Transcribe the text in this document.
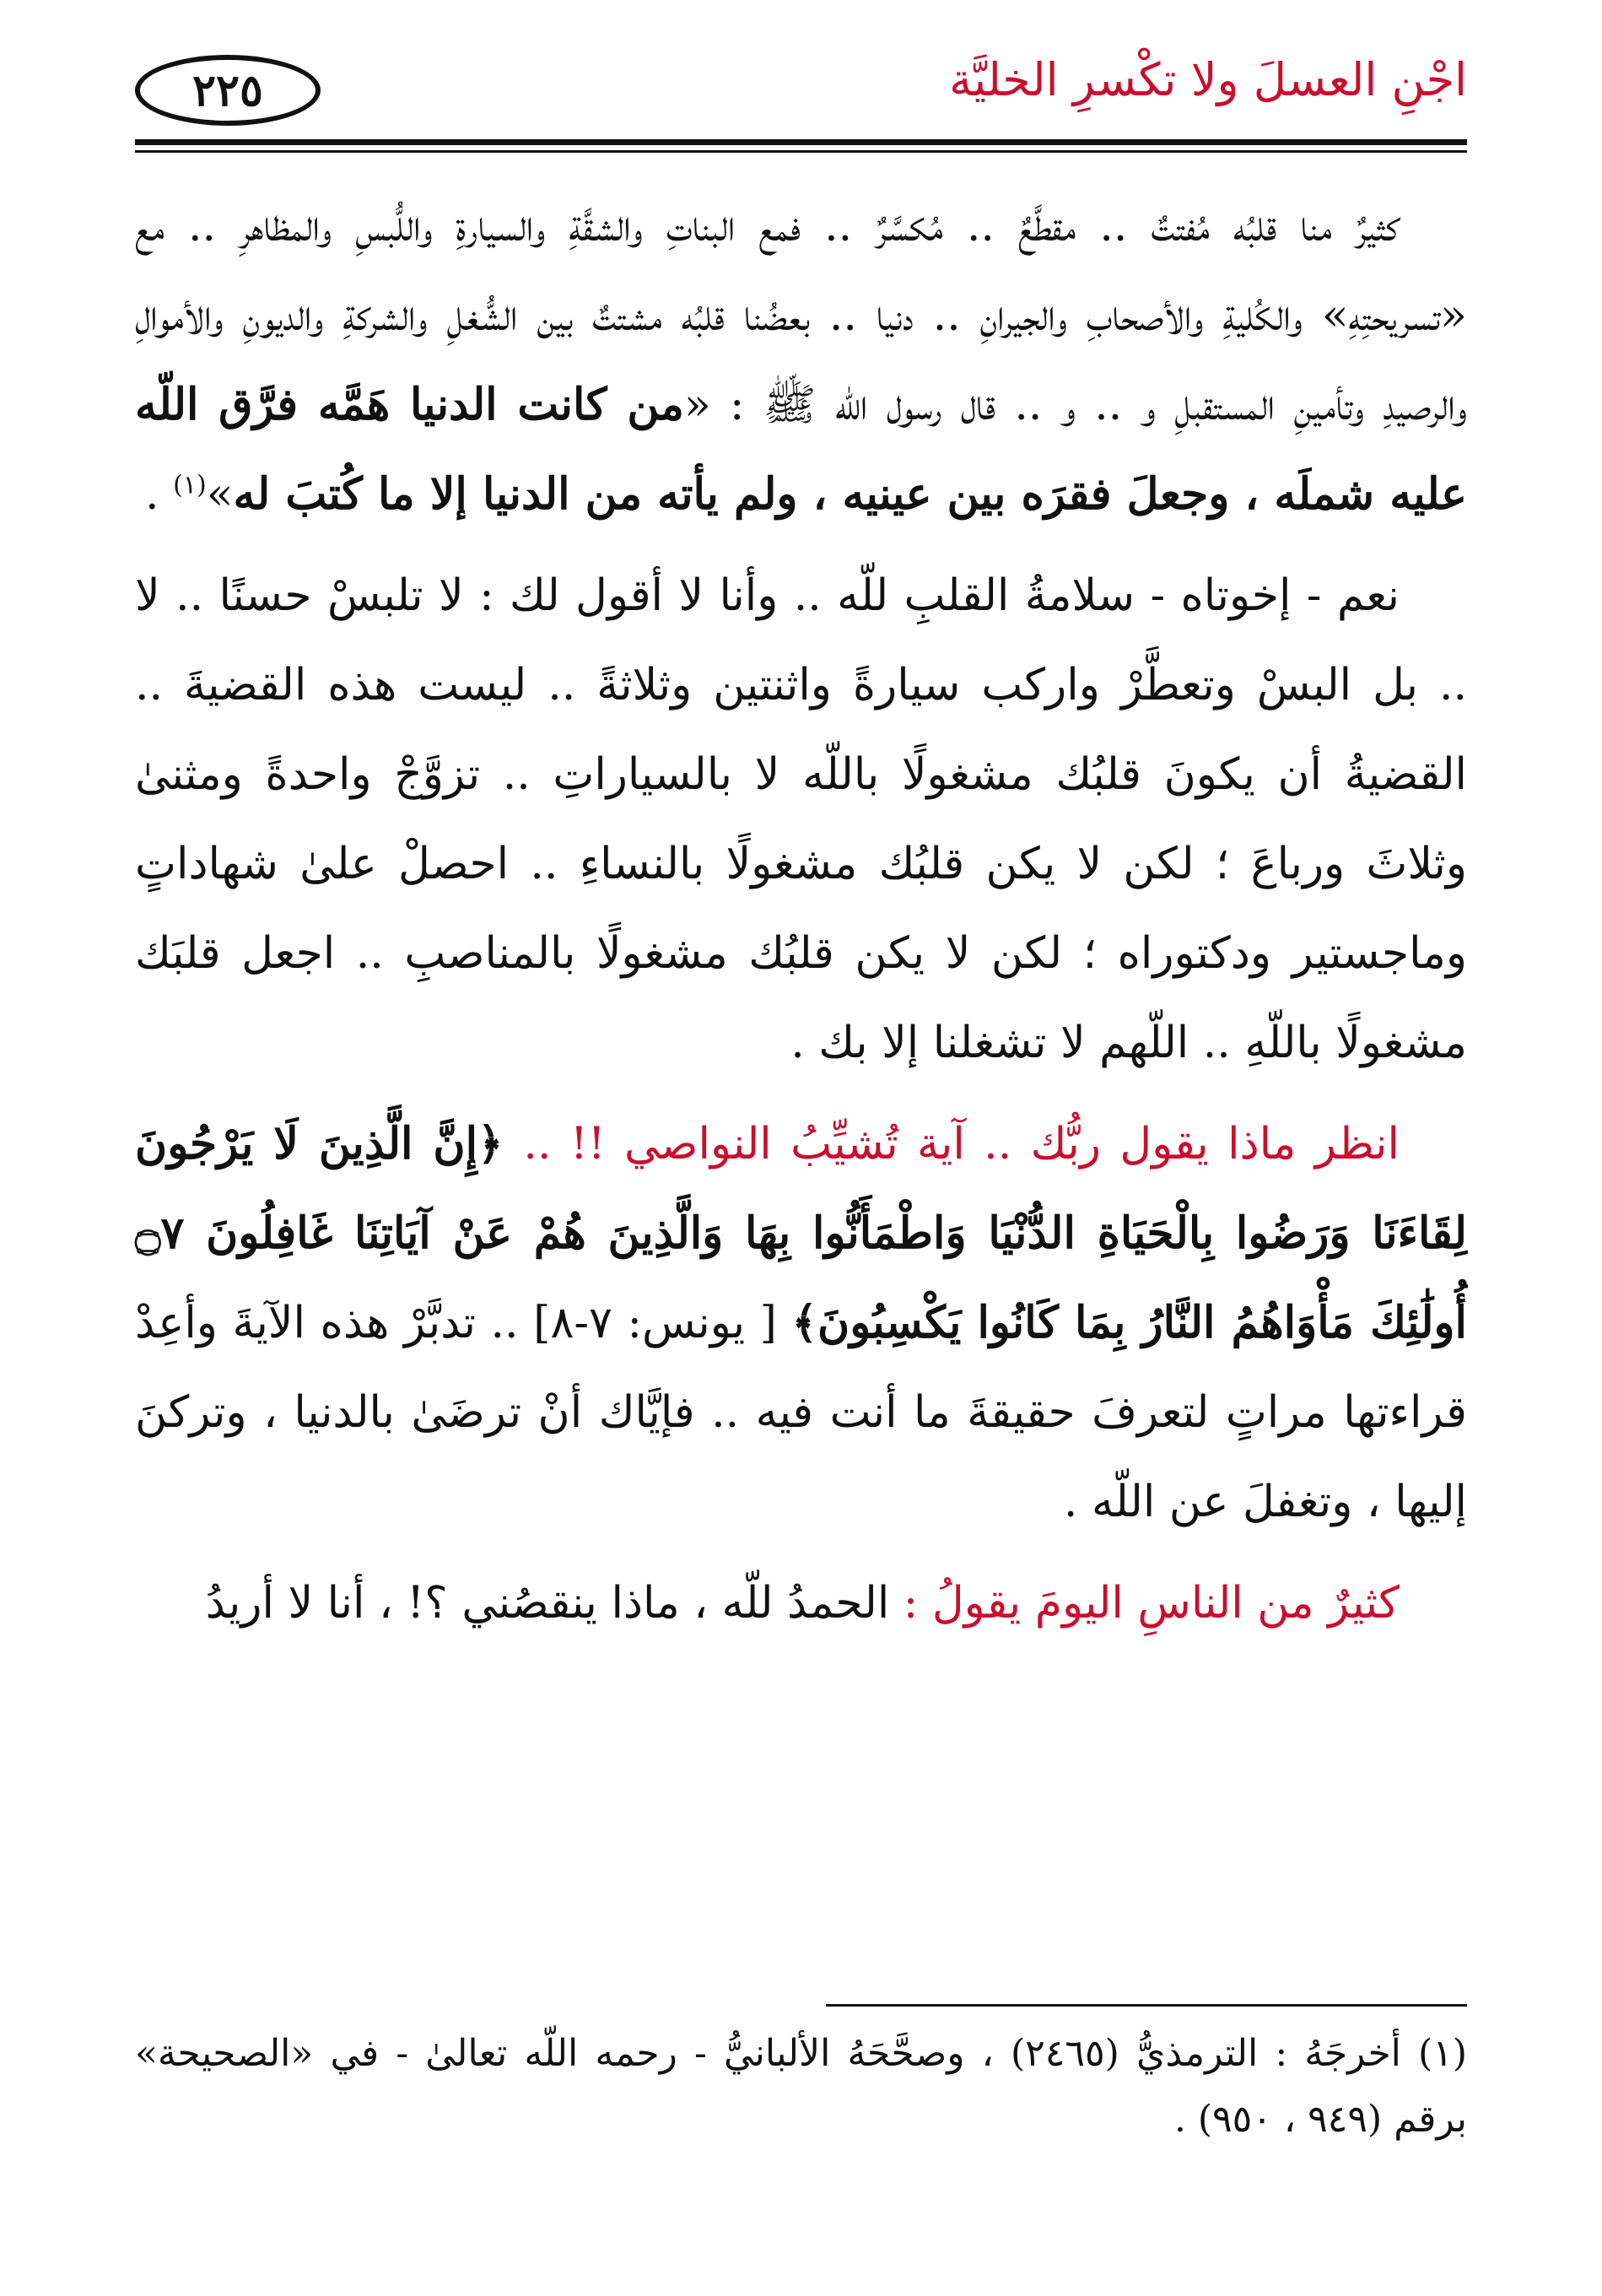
اجْنِ العسلَ ولا تكْسرِ الخليَّة
٢٢٥

كثيرٌ منا قلبُه مُفتتٌ .. مقطَّعٌ .. مُكسَّرٌ .. فمع البناتِ والشقَّةِ والسيارةِ واللُّبسِ والمظاهرِ .. مع «تسريحتِهِ» والكُليةِ والأصحابِ والجيرانِ .. دنيا .. بعضُنا قلبُه مشتتٌ بين الشُّغلِ والشركةِ والديونِ والأموالِ والرصيدِ وتأمينِ المستقبلِ و .. و .. قال رسول اللّه ﷺ : «من كانت الدنيا هَمَّه فرَّق اللّه عليه شملَه ، وجعلَ فقرَه بين عينيه ، ولم يأته من الدنيا إلا ما كُتبَ له»$^{(١)}$ .

نعم - إخوتاه - سلامةُ القلبِ للّه .. وأنا لا أقول لك : لا تلبسْ حسنًا .. لا .. بل البسْ وتعطَّرْ واركب سيارةً واثنتين وثلاثةً .. ليست هذه القضيةَ .. القضيةُ أن يكونَ قلبُك مشغولًا باللّه لا بالسياراتِ .. تزوَّجْ واحدةً ومثنىٰ وثلاثَ ورباعَ ؛ لكن لا يكن قلبُك مشغولًا بالنساءِ .. احصلْ علىٰ شهاداتٍ وماجستير ودكتوراه ؛ لكن لا يكن قلبُك مشغولًا بالمناصبِ .. اجعل قلبَك مشغولًا باللّهِ .. اللّهم لا تشغلنا إلا بك .

انظر ماذا يقول ربُّك .. آية تُشيِّبُ النواصي !! .. ﴿إِنَّ الَّذِينَ لَا يَرْجُونَ لِقَاءَنَا وَرَضُوا بِالْحَيَاةِ الدُّنْيَا وَاطْمَأَنُّوا بِهَا وَالَّذِينَ هُمْ عَنْ آيَاتِنَا غَافِلُونَ ۝٧ أُولَٰئِكَ مَأْوَاهُمُ النَّارُ بِمَا كَانُوا يَكْسِبُونَ﴾ [ يونس: ٧-٨] .. تدبَّرْ هذه الآيةَ وأعِدْ قراءتها مراتٍ لتعرفَ حقيقةَ ما أنت فيه .. فإيَّاك أنْ ترضَىٰ بالدنيا ، وتركنَ إليها ، وتغفلَ عن اللّه .

كثيرٌ من الناسِ اليومَ يقولُ : الحمدُ للّه ، ماذا ينقصُني ؟! ، أنا لا أريدُ

(١) أخرجَهُ : الترمذيُّ (٢٤٦٥) ، وصحَّحَهُ الألبانيُّ - رحمه اللّه تعالىٰ - في «الصحيحة» برقم (٩٤٩ ، ٩٥٠) .
